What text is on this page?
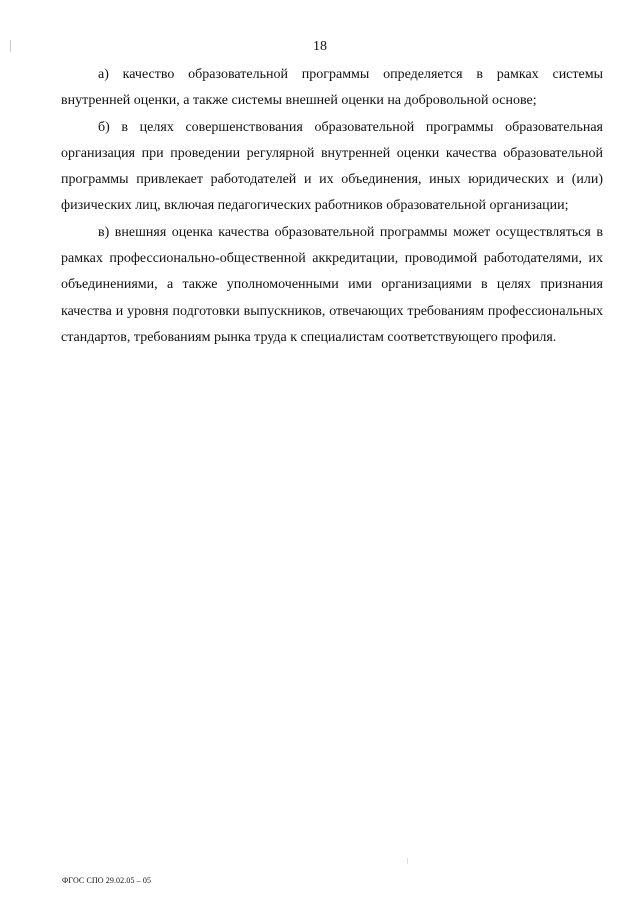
18

а) качество образовательной программы определяется в рамках системы внутренней оценки, а также системы внешней оценки на добровольной основе;

б) в целях совершенствования образовательной программы образовательная организация при проведении регулярной внутренней оценки качества образовательной программы привлекает работодателей и их объединения, иных юридических и (или) физических лиц, включая педагогических работников образовательной организации;

в) внешняя оценка качества образовательной программы может осуществляться в рамках профессионально-общественной аккредитации, проводимой работодателями, их объединениями, а также уполномоченными ими организациями в целях признания качества и уровня подготовки выпускников, отвечающих требованиям профессиональных стандартов, требованиям рынка труда к специалистам соответствующего профиля.

ФГОС СПО 29.02.05 – 05
